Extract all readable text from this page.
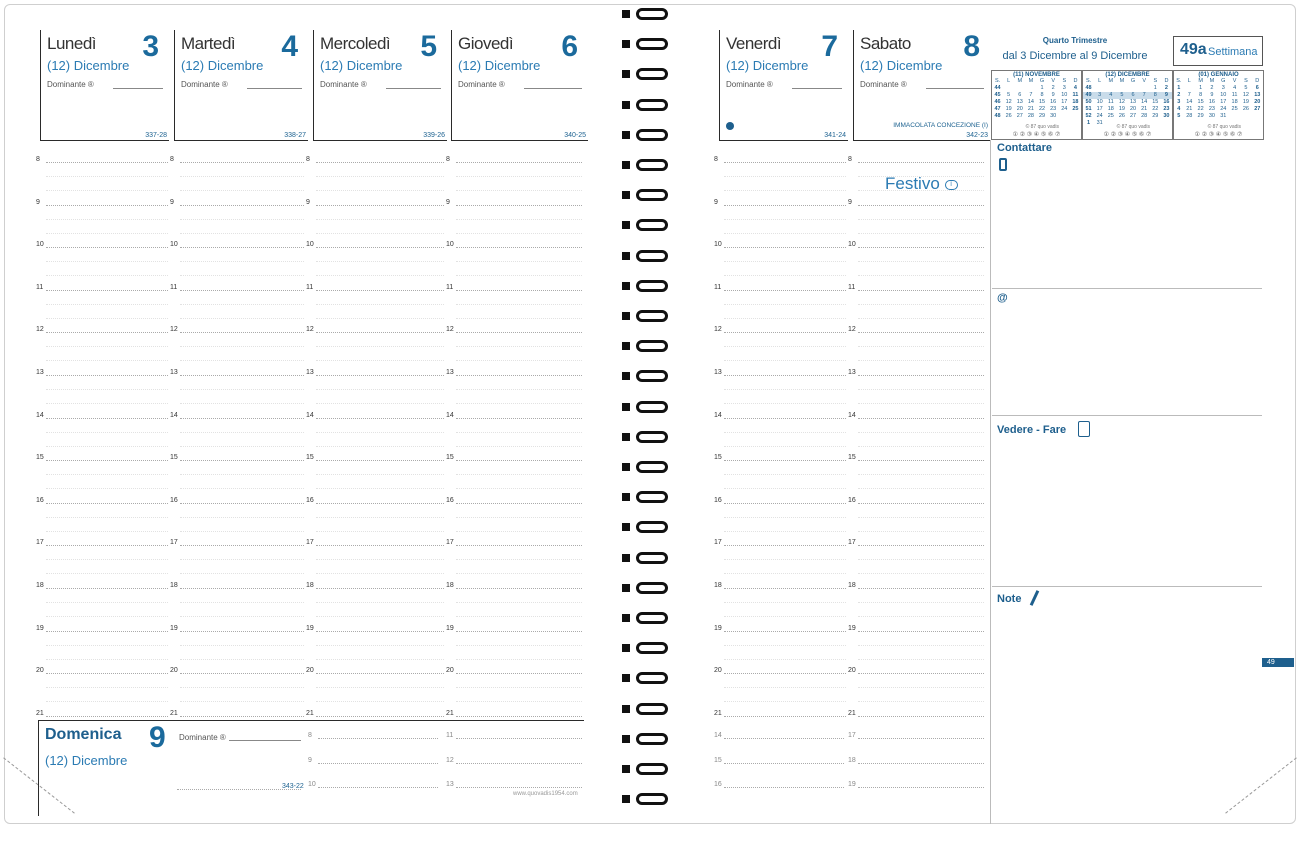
Lunedì 3
(12) Dicembre
Dominante ®
337-28
Martedì 4
(12) Dicembre
Dominante ®
338-27
Mercoledì 5
(12) Dicembre
Dominante ®
339-26
Giovedì 6
(12) Dicembre
Dominante ®
340-25
Venerdì 7
(12) Dicembre
Dominante ®
341-24
Sabato 8
(12) Dicembre
Dominante ®
342-23
IMMACOLATA CONCEZIONE (I)
8	8	8	8	8	8
9	9	9	9	9	9
10	10	10	10	10	10
11	11	11	11	11	11
12	12	12	12	12	12
13	13	13	13	13	13
14	14	14	14	14	14
15	15	15	15	15	15
16	16	16	16	16	16
17	17	17	17	17	17
18	18	18	18	18	18
19	19	19	19	19	19
20	20	20	20	20	20
21	21	21	21	21	21
Domenica 9
(12) Dicembre
Dominante ®
343-22
www.quovadis1954.com
8
9
10
11
12
13
14
15
16
17
18
19
Festivo I
Quarto Trimestre
dal 3 Dicembre al 9 Dicembre	49a Settimana
(11) NOVEMBRE
S.	L	M	M	G	V	S	D
44				1	2	3	4
45	5	6	7	8	9	10	11
46	12	13	14	15	16	17	18
47	19	20	21	22	23	24	25
48	26	27	28	29	30		
© 87 quo vadis
① ② ③ ④ ⑤ ⑥ ⑦
(12) DICEMBRE
S.	L	M	M	G	V	S	D
48						1	2
49	3	4	5	6	7	8	9
50	10	11	12	13	14	15	16
51	17	18	19	20	21	22	23
52	24	25	26	27	28	29	30
1	31						
© 87 quo vadis
① ② ③ ④ ⑤ ⑥ ⑦
(01) GENNAIO
S.	L	M	M	G	V	S	D
1		1	2	3	4	5	6
2	7	8	9	10	11	12	13
3	14	15	16	17	18	19	20
4	21	22	23	24	25	26	27
5	28	29	30	31			
© 87 quo vadis
① ② ③ ④ ⑤ ⑥ ⑦
Contattare
@
Vedere - Fare
Note
49
